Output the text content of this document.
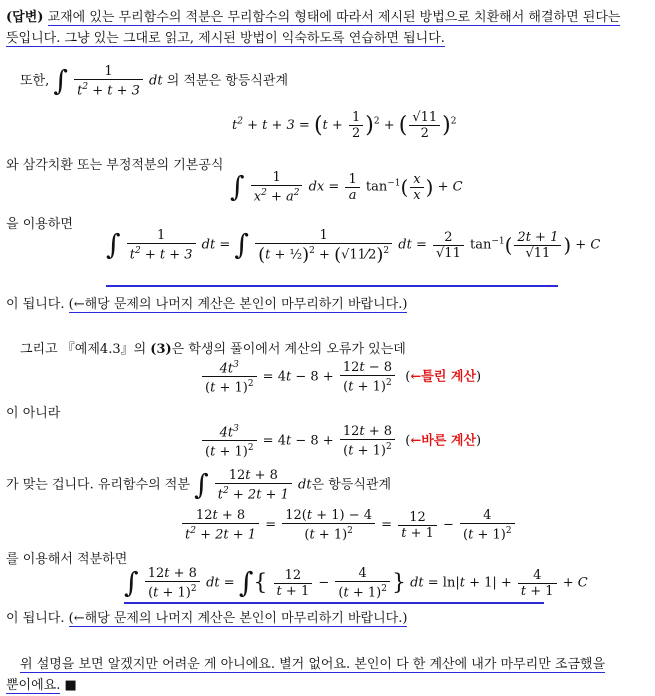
(답변) 교재에 있는 무리함수의 적분은 무리함수의 형태에 따라서 제시된 방법으로 치환해서 해결하면 된다는
뜻입니다. 그냥 있는 그대로 읽고, 제시된 방법이 익숙하도록 연습하면 됩니다.
또한, ∫ $\frac{1}{t^2 + t + 3}$ dt 의 적분은 항등식관계
$t^2 + t + 3 = (t + \frac{1}{2} )^2$ + ( $\frac{√11}{2} )^2$
와 삼각치환 또는 부정적분의 기본공식
∫ $\frac{1}{x^2 + a^2}$ dx = $\frac{1}{a} \tan^{-1}( \frac{x}{x}$ ) + C
을 이용하면
∫ $\frac{1}{t^2 + t + 3}$ dt = ∫ $\frac{1}{(t + \frac{1}{2})^2 + (√11⁄2)^2}$ dt = $\frac{2}{√11} \tan^{-1}( \frac{2t + 1}{√11}$ ) + C
이 됩니다. (←해당 문제의 나머지 계산은 본인이 마무리하기 바랍니다.)
그리고 『예제4.3』의 (3)은 학생의 풀이에서 계산의 오류가 있는데
$\frac{4t^3}{(t + 1)^2} = 4t - 8 + \frac{12t - 8}{(t + 1)^2}$ (←틀린 계산)
이 아니라
$\frac{4t^3}{(t + 1)^2} = 4t - 8 + \frac{12t + 8}{(t + 1)^2}$ (←바른 계산)
가 맞는 겁니다. 유리함수의 적분 ∫ $\frac{12t + 8}{t^2 + 2t + 1}$ dt은 항등식관계
$\frac{12t + 8}{t^2 + 2t + 1} = \frac{12(t + 1) - 4}{(t + 1)^2} = \frac{12}{t + 1} - \frac{4}{(t + 1)^2}$
를 이용해서 적분하면
∫ $\frac{12t + 8}{(t + 1)^2}$ dt = ∫{ $\frac{12}{t + 1} - \frac{4}{(t + 1)^2}$ } dt = $\ln|t + 1| + \frac{4}{t + 1} + C$
이 됩니다. (←해당 문제의 나머지 계산은 본인이 마무리하기 바랍니다.)
위 설명을 보면 알겠지만 어려운 게 아니에요. 별거 없어요. 본인이 다 한 계산에 내가 마무리만 조금했을
뿐이에요. ■
